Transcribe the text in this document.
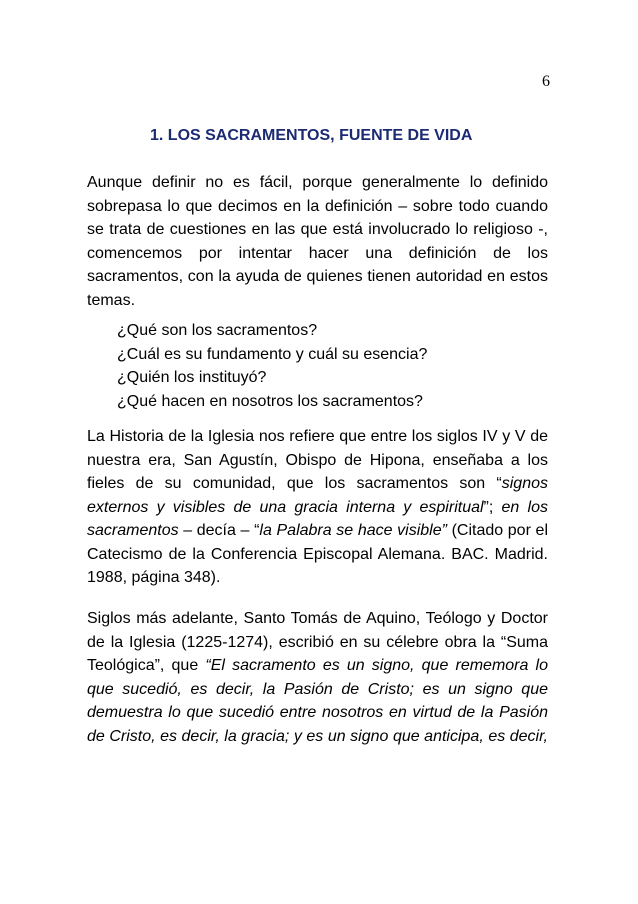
6
1. LOS SACRAMENTOS, FUENTE DE VIDA

Aunque definir no es fácil, porque generalmente lo definido sobrepasa lo que decimos en la definición – sobre todo cuando se trata de cuestiones en las que está involucrado lo religioso -, comencemos por intentar hacer una definición de los sacramentos, con la ayuda de quienes tienen autoridad en estos temas.

¿Qué son los sacramentos?
¿Cuál es su fundamento y cuál su esencia?
¿Quién los instituyó?
¿Qué hacen en nosotros los sacramentos?

La Historia de la Iglesia nos refiere que entre los siglos IV y V de nuestra era, San Agustín, Obispo de Hipona, enseñaba a los fieles de su comunidad, que los sacramentos son “signos externos y visibles de una gracia interna y espiritual”; en los sacramentos – decía – “la Palabra se hace visible” (Citado por el Catecismo de la Conferencia Episcopal Alemana. BAC. Madrid. 1988, página 348).

Siglos más adelante, Santo Tomás de Aquino, Teólogo y Doctor de la Iglesia (1225-1274), escribió en su célebre obra la “Suma Teológica”, que “El sacramento es un signo, que rememora lo que sucedió, es decir, la Pasión de Cristo; es un signo que demuestra lo que sucedió entre nosotros en virtud de la Pasión de Cristo, es decir, la gracia; y es un signo que anticipa, es decir,
